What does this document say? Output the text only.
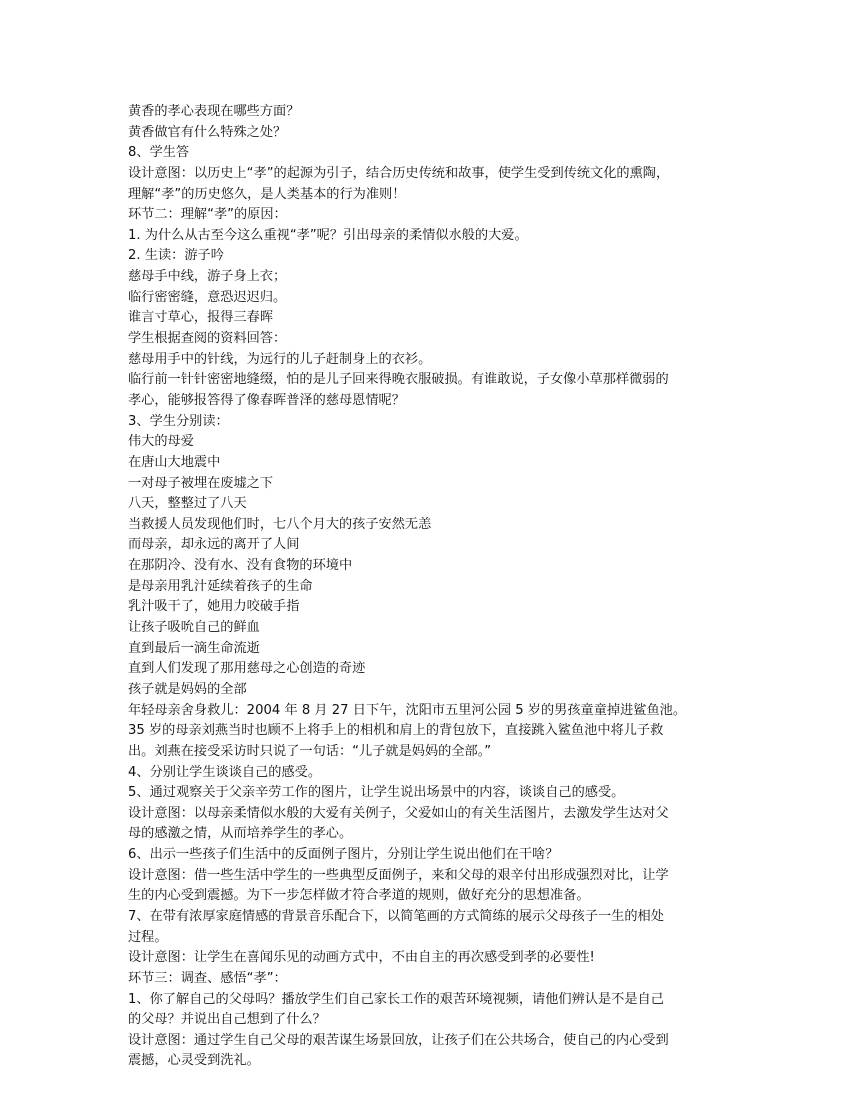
黄香的孝心表现在哪些方面？
黄香做官有什么特殊之处？
8、学生答
设计意图：以历史上“孝”的起源为引子，结合历史传统和故事，使学生受到传统文化的熏陶，
理解“孝”的历史悠久，是人类基本的行为准则！
环节二：理解“孝”的原因：
1. 为什么从古至今这么重视“孝”呢？引出母亲的柔情似水般的大爱。
2. 生读：游子吟
慈母手中线，游子身上衣；
临行密密缝，意恐迟迟归。
谁言寸草心，报得三春晖
学生根据查阅的资料回答：
慈母用手中的针线，为远行的儿子赶制身上的衣衫。
临行前一针针密密地缝缀，怕的是儿子回来得晚衣服破损。有谁敢说，子女像小草那样微弱的
孝心，能够报答得了像春晖普泽的慈母恩情呢？
3、学生分别读：
伟大的母爱
在唐山大地震中
一对母子被埋在废墟之下
八天，整整过了八天
当救援人员发现他们时，七八个月大的孩子安然无恙
而母亲，却永远的离开了人间
在那阴冷、没有水、没有食物的环境中
是母亲用乳汁延续着孩子的生命
乳汁吸干了，她用力咬破手指
让孩子吸吮自己的鲜血
直到最后一滴生命流逝
直到人们发现了那用慈母之心创造的奇迹
孩子就是妈妈的全部
年轻母亲舍身救儿：2004 年 8 月 27 日下午，沈阳市五里河公园 5 岁的男孩童童掉进鲨鱼池。
35 岁的母亲刘燕当时也顾不上将手上的相机和肩上的背包放下，直接跳入鲨鱼池中将儿子救
出。刘燕在接受采访时只说了一句话：“儿子就是妈妈的全部。”
4、分别让学生谈谈自己的感受。
5、通过观察关于父亲辛劳工作的图片，让学生说出场景中的内容，谈谈自己的感受。
设计意图：以母亲柔情似水般的大爱有关例子，父爱如山的有关生活图片，去激发学生达对父
母的感激之情，从而培养学生的孝心。
6、出示一些孩子们生活中的反面例子图片，分别让学生说出他们在干啥？
设计意图：借一些生活中学生的一些典型反面例子，来和父母的艰辛付出形成强烈对比，让学
生的内心受到震撼。为下一步怎样做才符合孝道的规则，做好充分的思想准备。
7、在带有浓厚家庭情感的背景音乐配合下，以简笔画的方式简练的展示父母孩子一生的相处
过程。
设计意图：让学生在喜闻乐见的动画方式中，不由自主的再次感受到孝的必要性!
环节三：调查、感悟“孝”：
1、你了解自己的父母吗？播放学生们自己家长工作的艰苦环境视频，请他们辨认是不是自己
的父母？并说出自己想到了什么？
设计意图：通过学生自己父母的艰苦谋生场景回放，让孩子们在公共场合，使自己的内心受到
震撼，心灵受到洗礼。
